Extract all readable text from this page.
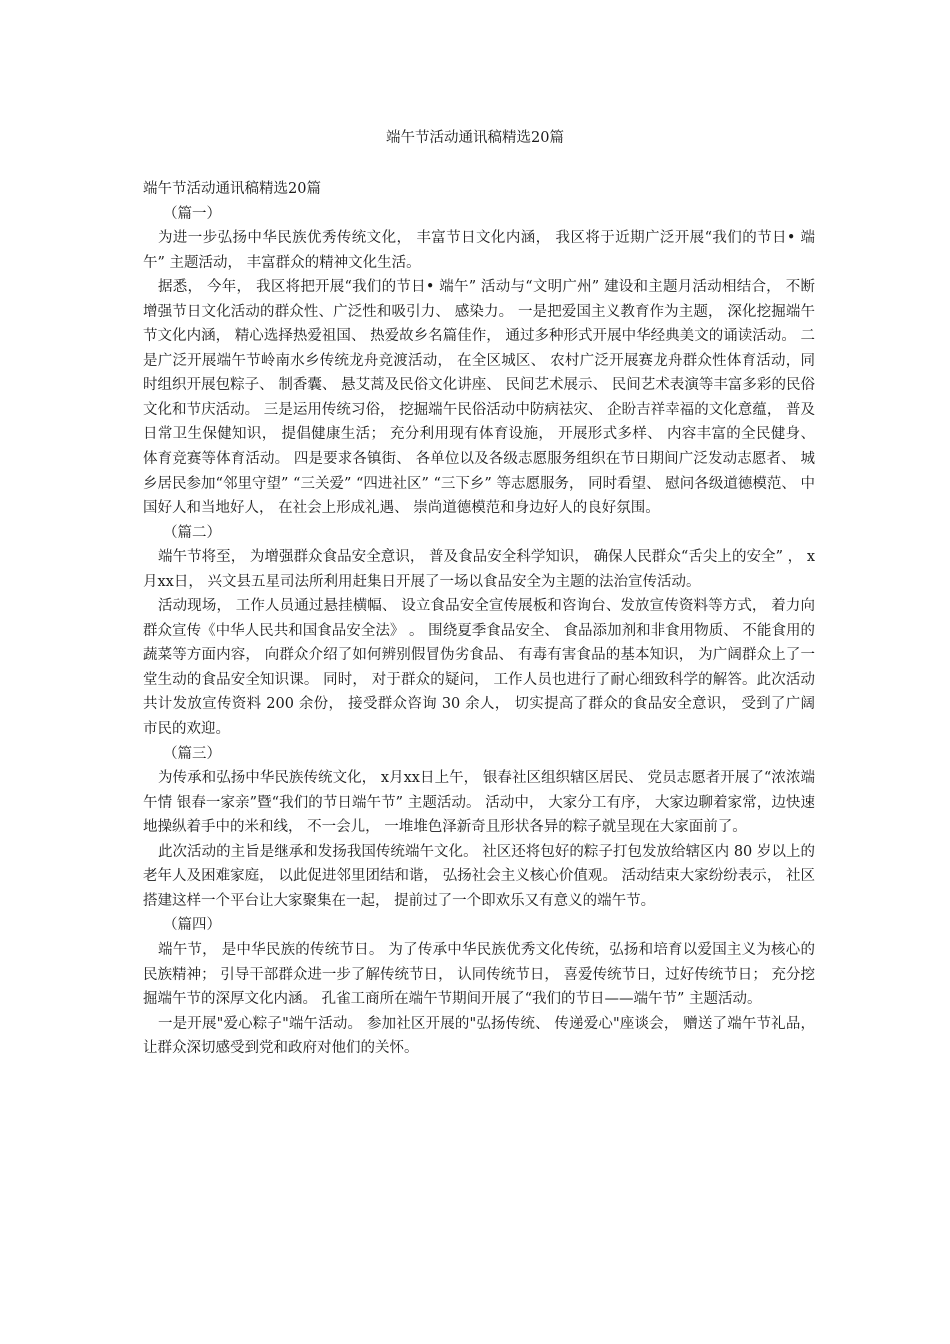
端午节活动通讯稿精选20篇

端午节活动通讯稿精选20篇

（篇一）

为进一步弘扬中华民族优秀传统文化， 丰富节日文化内涵， 我区将于近期广泛开展“我们的节日• 端午” 主题活动， 丰富群众的精神文化生活。

据悉， 今年， 我区将把开展“我们的节日• 端午” 活动与“文明广州” 建设和主题月活动相结合， 不断增强节日文化活动的群众性、广泛性和吸引力、 感染力。 一是把爱国主义教育作为主题， 深化挖掘端午节文化内涵， 精心选择热爱祖国、 热爱故乡名篇佳作， 通过多种形式开展中华经典美文的诵读活动。 二是广泛开展端午节岭南水乡传统龙舟竞渡活动， 在全区城区、 农村广泛开展赛龙舟群众性体育活动，同时组织开展包粽子、 制香囊、 悬艾蒿及民俗文化讲座、 民间艺术展示、 民间艺术表演等丰富多彩的民俗文化和节庆活动。 三是运用传统习俗， 挖掘端午民俗活动中防病祛灾、 企盼吉祥幸福的文化意蕴， 普及日常卫生保健知识， 提倡健康生活； 充分利用现有体育设施， 开展形式多样、 内容丰富的全民健身、 体育竞赛等体育活动。 四是要求各镇街、 各单位以及各级志愿服务组织在节日期间广泛发动志愿者、 城乡居民参加“邻里守望” “三关爱” “四进社区” “三下乡” 等志愿服务， 同时看望、 慰问各级道德模范、 中国好人和当地好人， 在社会上形成礼遇、 崇尚道德模范和身边好人的良好氛围。

（篇二）

端午节将至， 为增强群众食品安全意识， 普及食品安全科学知识， 确保人民群众“舌尖上的安全” ， x月xx日， 兴文县五星司法所利用赶集日开展了一场以食品安全为主题的法治宣传活动。

活动现场， 工作人员通过悬挂横幅、 设立食品安全宣传展板和咨询台、发放宣传资料等方式， 着力向群众宣传《中华人民共和国食品安全法》 。 围绕夏季食品安全、 食品添加剂和非食用物质、 不能食用的蔬菜等方面内容， 向群众介绍了如何辨别假冒伪劣食品、 有毒有害食品的基本知识， 为广阔群众上了一堂生动的食品安全知识课。 同时， 对于群众的疑问， 工作人员也进行了耐心细致科学的解答。此次活动共计发放宣传资料 200 余份， 接受群众咨询 30 余人， 切实提高了群众的食品安全意识， 受到了广阔市民的欢迎。

（篇三）

为传承和弘扬中华民族传统文化， x月xx日上午， 银春社区组织辖区居民、 党员志愿者开展了“浓浓端午情 银春一家亲”暨“我们的节日端午节” 主题活动。 活动中， 大家分工有序， 大家边聊着家常，边快速地操纵着手中的米和线， 不一会儿， 一堆堆色泽新奇且形状各异的粽子就呈现在大家面前了。

此次活动的主旨是继承和发扬我国传统端午文化。 社区还将包好的粽子打包发放给辖区内 80 岁以上的老年人及困难家庭， 以此促进邻里团结和谐， 弘扬社会主义核心价值观。 活动结束大家纷纷表示， 社区搭建这样一个平台让大家聚集在一起， 提前过了一个即欢乐又有意义的端午节。

（篇四）

端午节， 是中华民族的传统节日。 为了传承中华民族优秀文化传统，弘扬和培育以爱国主义为核心的民族精神； 引导干部群众进一步了解传统节日， 认同传统节日， 喜爱传统节日，过好传统节日； 充分挖掘端午节的深厚文化内涵。 孔雀工商所在端午节期间开展了“我们的节日——端午节” 主题活动。

一是开展"爱心粽子"端午活动。 参加社区开展的"弘扬传统、 传递爱心"座谈会， 赠送了端午节礼品， 让群众深切感受到党和政府对他们的关怀。
